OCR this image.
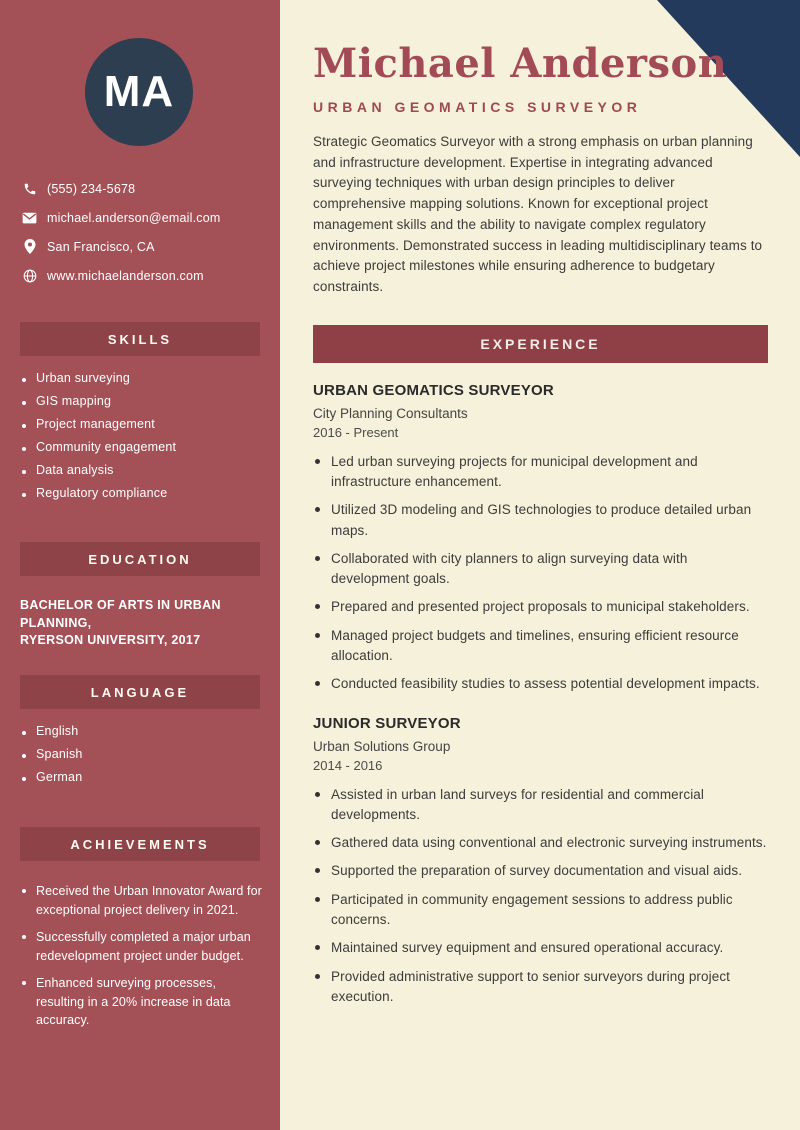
MA
(555) 234-5678
michael.anderson@email.com
San Francisco, CA
www.michaelanderson.com
SKILLS
Urban surveying
GIS mapping
Project management
Community engagement
Data analysis
Regulatory compliance
EDUCATION
BACHELOR OF ARTS IN URBAN PLANNING,
RYERSON UNIVERSITY, 2017
LANGUAGE
English
Spanish
German
ACHIEVEMENTS
Received the Urban Innovator Award for exceptional project delivery in 2021.
Successfully completed a major urban redevelopment project under budget.
Enhanced surveying processes, resulting in a 20% increase in data accuracy.
Michael Anderson
URBAN GEOMATICS SURVEYOR

Strategic Geomatics Surveyor with a strong emphasis on urban planning and infrastructure development. Expertise in integrating advanced surveying techniques with urban design principles to deliver comprehensive mapping solutions. Known for exceptional project management skills and the ability to navigate complex regulatory environments. Demonstrated success in leading multidisciplinary teams to achieve project milestones while ensuring adherence to budgetary constraints.

EXPERIENCE
URBAN GEOMATICS SURVEYOR
City Planning Consultants
2016 - Present
Led urban surveying projects for municipal development and infrastructure enhancement.
Utilized 3D modeling and GIS technologies to produce detailed urban maps.
Collaborated with city planners to align surveying data with development goals.
Prepared and presented project proposals to municipal stakeholders.
Managed project budgets and timelines, ensuring efficient resource allocation.
Conducted feasibility studies to assess potential development impacts.
JUNIOR SURVEYOR
Urban Solutions Group
2014 - 2016
Assisted in urban land surveys for residential and commercial developments.
Gathered data using conventional and electronic surveying instruments.
Supported the preparation of survey documentation and visual aids.
Participated in community engagement sessions to address public concerns.
Maintained survey equipment and ensured operational accuracy.
Provided administrative support to senior surveyors during project execution.
